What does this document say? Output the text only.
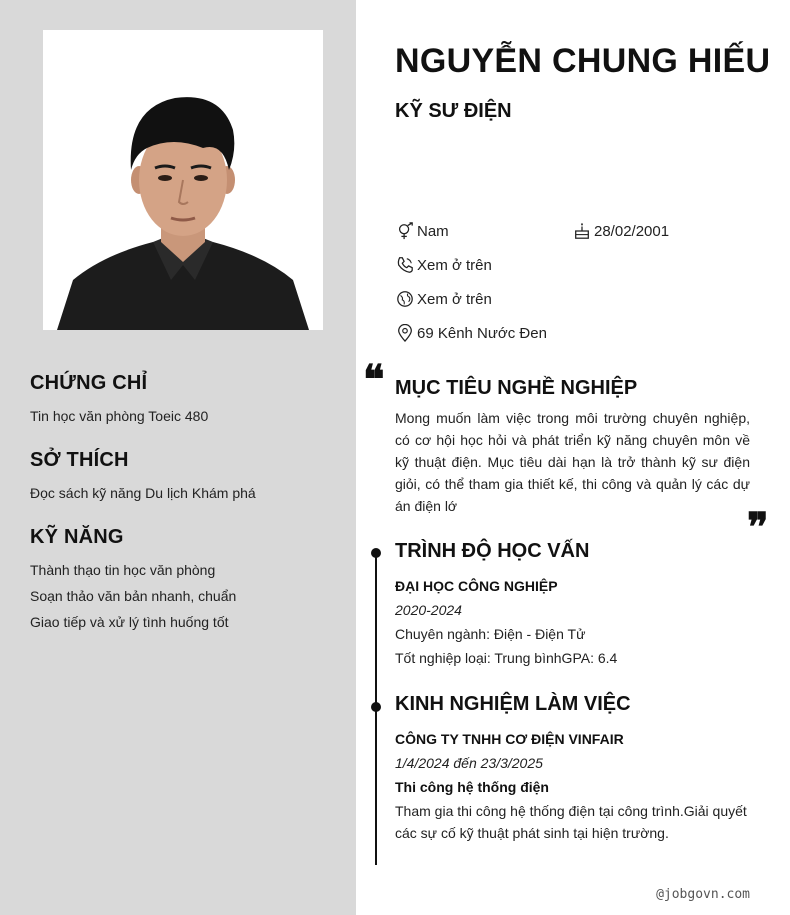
CHỨNG CHỈ
Tin học văn phòng Toeic 480
SỞ THÍCH
Đọc sách kỹ năng Du lịch Khám phá
KỸ NĂNG
Thành thạo tin học văn phòng
Soạn thảo văn bản nhanh, chuẩn
Giao tiếp và xử lý tình huống tốt
NGUYỄN CHUNG HIẾU
KỸ SƯ ĐIỆN
Nam	28/02/2001
Xem ở trên
Xem ở trên
69 Kênh Nước Đen
❝ MỤC TIÊU NGHỀ NGHIỆP
Mong muốn làm việc trong môi trường chuyên nghiệp, có cơ hội học hỏi và phát triển kỹ năng chuyên môn về kỹ thuật điện. Mục tiêu dài hạn là trở thành kỹ sư điện giỏi, có thể tham gia thiết kế, thi công và quản lý các dự án điện lớ	❞
TRÌNH ĐỘ HỌC VẤN
ĐẠI HỌC CÔNG NGHIỆP
2020-2024
Chuyên ngành: Điện - Điện Tử
Tốt nghiệp loại: Trung bìnhGPA: 6.4
KINH NGHIỆM LÀM VIỆC
CÔNG TY TNHH CƠ ĐIỆN VINFAIR
1/4/2024 đến 23/3/2025
Thi công hệ thống điện
Tham gia thi công hệ thống điện tại công trình.Giải quyết
các sự cố kỹ thuật phát sinh tại hiện trường.
@jobgovn.com
